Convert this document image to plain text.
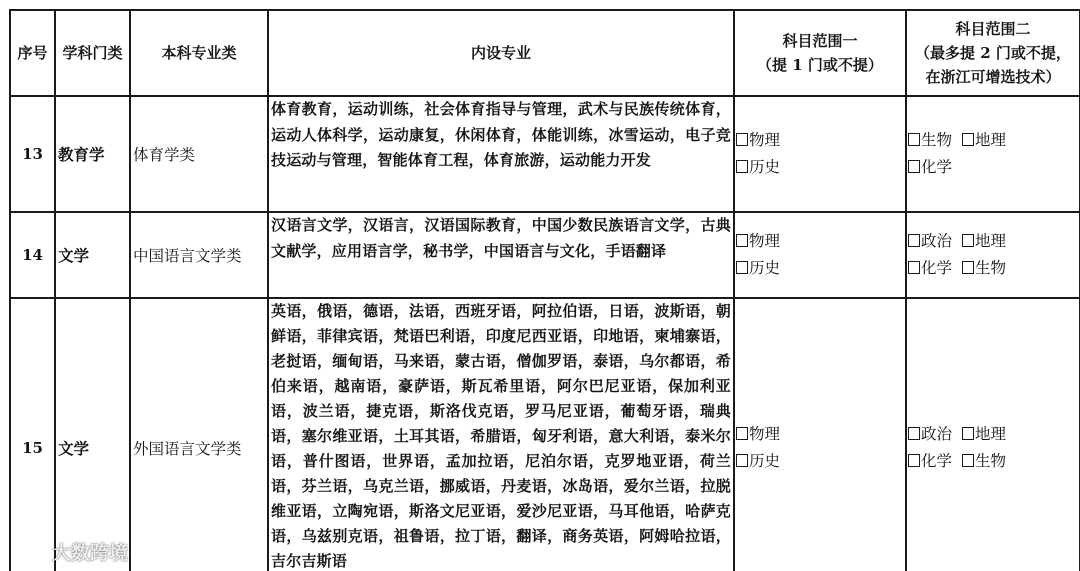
序号	学科门类	本科专业类	内设专业	科目范围一
（提 1 门或不提）	科目范围二
（最多提 2 门或不提，
在浙江可增选技术）

13	教育学	体育学类	体育教育，运动训练，社会体育指导与管理，武术与民族传统体育，运动人体科学，运动康复，休闲体育，体能训练，冰雪运动，电子竞技运动与管理，智能体育工程，体育旅游，运动能力开发	物理
历史	生物 地理
化学

14	文学	中国语言文学类	汉语言文学，汉语言，汉语国际教育，中国少数民族语言文学，古典文献学，应用语言学，秘书学，中国语言与文化，手语翻译	物理
历史	政治 地理
化学 生物

15	文学	外国语言文学类	英语，俄语，德语，法语，西班牙语，阿拉伯语，日语，波斯语，朝鲜语，菲律宾语，梵语巴利语，印度尼西亚语，印地语，柬埔寨语，老挝语，缅甸语，马来语，蒙古语，僧伽罗语，泰语，乌尔都语，希伯来语，越南语，豪萨语，斯瓦希里语，阿尔巴尼亚语，保加利亚语，波兰语，捷克语，斯洛伐克语，罗马尼亚语，葡萄牙语，瑞典语，塞尔维亚语，土耳其语，希腊语，匈牙利语，意大利语，泰米尔语，普什图语，世界语，孟加拉语，尼泊尔语，克罗地亚语，荷兰语，芬兰语，乌克兰语，挪威语，丹麦语，冰岛语，爱尔兰语，拉脱维亚语，立陶宛语，斯洛文尼亚语，爱沙尼亚语，马耳他语，哈萨克语，乌兹别克语，祖鲁语，拉丁语，翻译，商务英语，阿姆哈拉语，吉尔吉斯语	物理
历史	政治 地理
化学 生物
大数跨境
